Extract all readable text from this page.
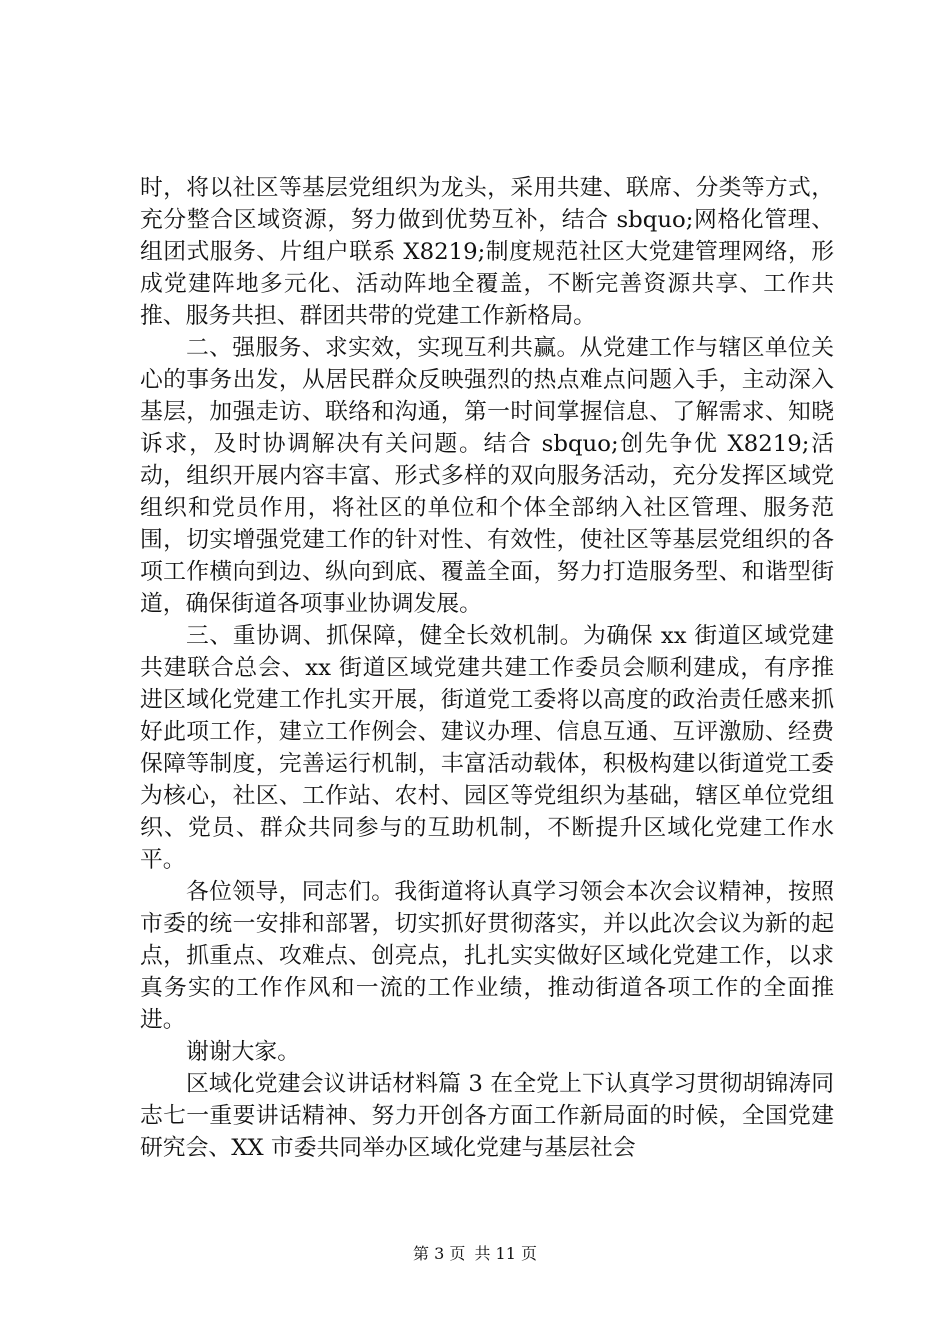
时，将以社区等基层党组织为龙头，采用共建、联席、分类等方式，充分整合区域资源，努力做到优势互补，结合 sbquo;网格化管理、组团式服务、片组户联系 X8219;制度规范社区大党建管理网络，形成党建阵地多元化、活动阵地全覆盖，不断完善资源共享、工作共推、服务共担、群团共带的党建工作新格局。

二、强服务、求实效，实现互利共赢。从党建工作与辖区单位关心的事务出发，从居民群众反映强烈的热点难点问题入手，主动深入基层，加强走访、联络和沟通，第一时间掌握信息、了解需求、知晓诉求，及时协调解决有关问题。结合 sbquo;创先争优 X8219;活动，组织开展内容丰富、形式多样的双向服务活动，充分发挥区域党组织和党员作用，将社区的单位和个体全部纳入社区管理、服务范围，切实增强党建工作的针对性、有效性，使社区等基层党组织的各项工作横向到边、纵向到底、覆盖全面，努力打造服务型、和谐型街道，确保街道各项事业协调发展。

三、重协调、抓保障，健全长效机制。为确保 xx 街道区域党建共建联合总会、xx 街道区域党建共建工作委员会顺利建成，有序推进区域化党建工作扎实开展，街道党工委将以高度的政治责任感来抓好此项工作，建立工作例会、建议办理、信息互通、互评激励、经费保障等制度，完善运行机制，丰富活动载体，积极构建以街道党工委为核心，社区、工作站、农村、园区等党组织为基础，辖区单位党组织、党员、群众共同参与的互助机制，不断提升区域化党建工作水平。

各位领导，同志们。我街道将认真学习领会本次会议精神，按照市委的统一安排和部署，切实抓好贯彻落实，并以此次会议为新的起点，抓重点、攻难点、创亮点，扎扎实实做好区域化党建工作，以求真务实的工作作风和一流的工作业绩，推动街道各项工作的全面推进。

谢谢大家。

区域化党建会议讲话材料篇 3 在全党上下认真学习贯彻胡锦涛同志七一重要讲话精神、努力开创各方面工作新局面的时候，全国党建研究会、XX 市委共同举办区域化党建与基层社会

第 3 页 共 11 页
